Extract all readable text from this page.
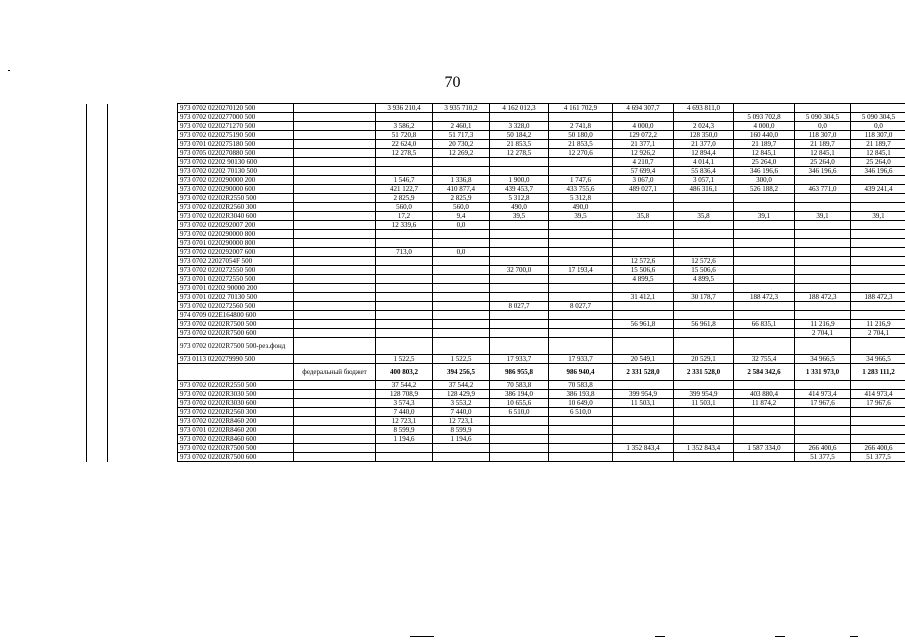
70
		973 0702 0220270120 500		3 936 210,4	3 935 710,2	4 162 012,3	4 161 702,9	4 694 307,7	4 693 811,0			
		973 0702 0220277000 500								5 093 702,8	5 090 304,5	5 090 304,5
		973 0702 0220271270 500		3 586,2	2 460,1	3 328,0	2 741,8	4 000,0	2 024,3	4 000,0	0,0	0,0
		973 0702 0220275190 500		51 720,8	51 717,3	50 184,2	50 180,0	129 072,2	128 350,0	160 440,0	118 307,0	118 307,0
		973 0701 0220275180 500		22 624,0	20 730,2	21 853,5	21 853,5	21 377,1	21 377,0	21 189,7	21 189,7	21 189,7
		973 0705 0220270880 500		12 278,5	12 269,2	12 278,5	12 270,6	12 926,2	12 894,4	12 845,1	12 845,1	12 845,1
		973 0702 02202 90130 600						4 210,7	4 014,1	25 264,0	25 264,0	25 264,0
		973 0702 02202 70130 500						57 699,4	55 836,4	346 196,6	346 196,6	346 196,6
		973 0702 0220290000 200		1 546,7	1 336,8	1 900,0	1 747,6	3 067,0	3 057,1	300,0		
		973 0702 0220290000 600		421 122,7	410 877,4	439 453,7	433 755,6	489 027,1	486 316,1	526 188,2	463 771,0	439 241,4
		973 0702 02202R2550 500		2 825,9	2 825,9	5 312,8	5 312,8					
		973 0702 02202R2560 300		560,0	560,0	490,0	490,0					
		973 0702 02202R3040 600		17,2	9,4	39,5	39,5	35,8	35,8	39,1	39,1	39,1
		973 0702 0220292007 200		12 339,6	0,0							
		973 0702 0220290000 800										
		973 0701 0220290000 800										
		973 0702 0220292007 600		713,0	0,0							
		973 0702 22027054F 500						12 572,6	12 572,6			
		973 0702 0220272550 500				32 700,0	17 193,4	15 506,6	15 506,6			
		973 0701 0220272550 500						4 899,5	4 899,5			
		973 0701 02202 90000 200										
		973 0701 02202 70130 500						31 412,1	30 178,7	188 472,3	188 472,3	188 472,3
		973 0702 0220272560 500				8 027,7	8 027,7					
		974 0709 022E164800 600										
		973 0702 02202R7500 500						56 961,8	56 961,8	66 835,1	11 216,9	11 216,9
		973 0702 02202R7500 600									2 704,1	2 704,1
		973 0702 02202R7500 500-рез.фонд										
		973 0113 0220279990 500		1 522,5	1 522,5	17 933,7	17 933,7	20 549,1	20 529,1	32 755,4	34 966,5	34 966,5
			федеральный бюджет	400 803,2	394 256,5	986 955,8	986 940,4	2 331 528,0	2 331 528,0	2 584 342,6	1 331 973,0	1 283 111,2
		973 0702 02202R2550 500		37 544,2	37 544,2	70 583,8	70 583,8					
		973 0702 02202R3030 500		128 708,9	128 429,9	386 194,0	386 193,8	399 954,9	399 954,9	403 880,4	414 973,4	414 973,4
		973 0702 02202R3030 600		3 574,3	3 553,2	10 655,6	10 649,0	11 503,1	11 503,1	11 874,2	17 967,6	17 967,6
		973 0702 02202R2560 300		7 440,0	7 440,0	6 510,0	6 510,0					
		973 0702 02202R8460 200		12 723,1	12 723,1							
		973 0701 02202R8460 200		8 599,9	8 599,9							
		973 0702 02202R8460 600		1 194,6	1 194,6							
		973 0702 02202R7500 500						1 352 843,4	1 352 843,4	1 587 334,0	266 400,6	266 400,6
		973 0702 02202R7500 600									51 377,5	51 377,5
